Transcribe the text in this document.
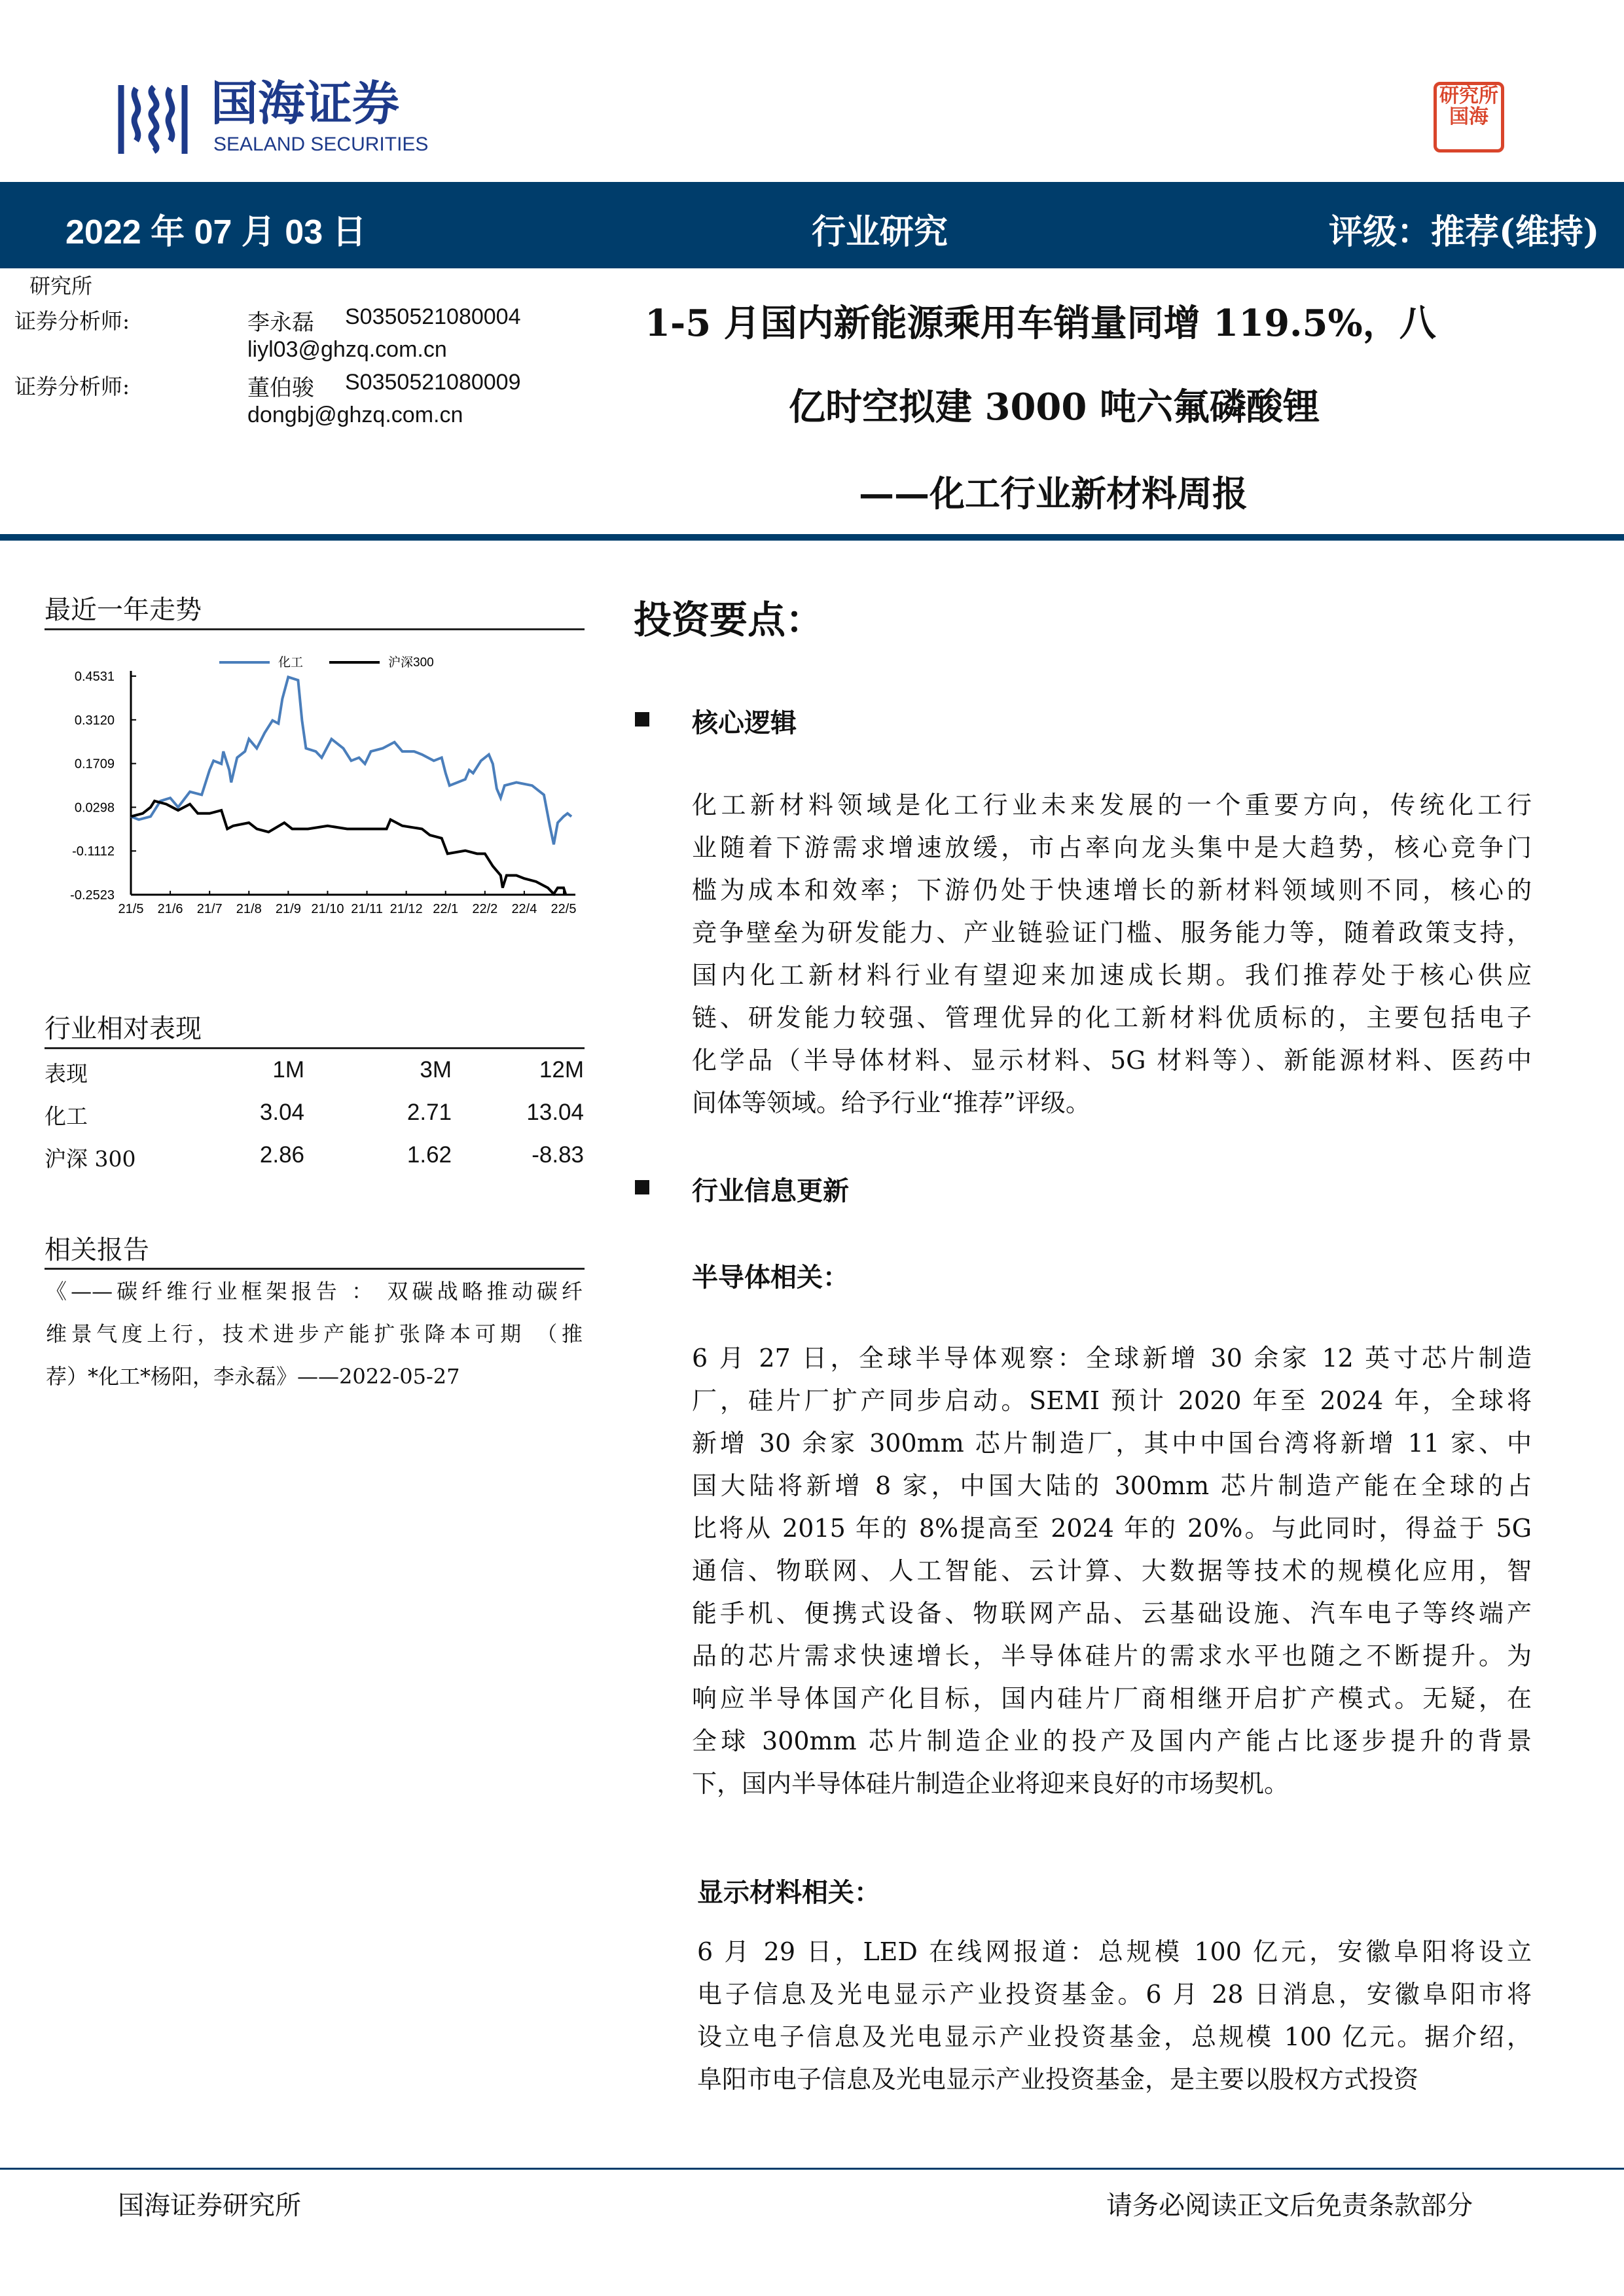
国海证券
SEALAND SECURITIES
研究所国海
2022 年 07 月 03 日	行业研究	评级：推荐(维持)
研究所
证券分析师:	李永磊 S0350521080004
liyl03@ghzq.com.cn
证券分析师:	董伯骏 S0350521080009
dongbj@ghzq.com.cn
1-5 月国内新能源乘用车销量同增 119.5%，八
亿时空拟建 3000 吨六氟磷酸锂
——化工行业新材料周报
最近一年走势
0.4531
0.3120
0.1709
0.0298
-0.1112
-0.2523
21/5 21/6 21/7 21/8 21/9 21/10 21/11 21/12 22/1 22/2 22/4 22/5
化工	沪深300
行业相对表现
表现	1M	3M	12M
化工	3.04	2.71	13.04
沪深 300	2.86	1.62	-8.83
相关报告
《——碳纤维行业框架报告 ： 双碳战略推动碳纤
维景气度上行，技术进步产能扩张降本可期 （推
荐）*化工*杨阳，李永磊》——2022-05-27
投资要点：
核心逻辑
化工新材料领域是化工行业未来发展的一个重要方向，传统化工行
业随着下游需求增速放缓，市占率向龙头集中是大趋势，核心竞争门
槛为成本和效率；下游仍处于快速增长的新材料领域则不同，核心的
竞争壁垒为研发能力、产业链验证门槛、服务能力等，随着政策支持，
国内化工新材料行业有望迎来加速成长期。我们推荐处于核心供应
链、研发能力较强、管理优异的化工新材料优质标的，主要包括电子
化学品（半导体材料、显示材料、5G 材料等）、新能源材料、医药中
间体等领域。给予行业“推荐”评级。
行业信息更新
半导体相关：
6 月 27 日，全球半导体观察：全球新增 30 余家 12 英寸芯片制造
厂，硅片厂扩产同步启动。SEMI 预计 2020 年至 2024 年，全球将
新增 30 余家 300mm 芯片制造厂，其中中国台湾将新增 11 家、中
国大陆将新增 8 家，中国大陆的 300mm 芯片制造产能在全球的占
比将从 2015 年的 8%提高至 2024 年的 20%。与此同时，得益于 5G
通信、物联网、人工智能、云计算、大数据等技术的规模化应用，智
能手机、便携式设备、物联网产品、云基础设施、汽车电子等终端产
品的芯片需求快速增长，半导体硅片的需求水平也随之不断提升。为
响应半导体国产化目标，国内硅片厂商相继开启扩产模式。无疑，在
全球 300mm 芯片制造企业的投产及国内产能占比逐步提升的背景
下，国内半导体硅片制造企业将迎来良好的市场契机。
显示材料相关：
6 月 29 日，LED 在线网报道：总规模 100 亿元，安徽阜阳将设立
电子信息及光电显示产业投资基金。6 月 28 日消息，安徽阜阳市将
设立电子信息及光电显示产业投资基金，总规模 100 亿元。据介绍，
阜阳市电子信息及光电显示产业投资基金，是主要以股权方式投资
国海证券研究所	请务必阅读正文后免责条款部分
